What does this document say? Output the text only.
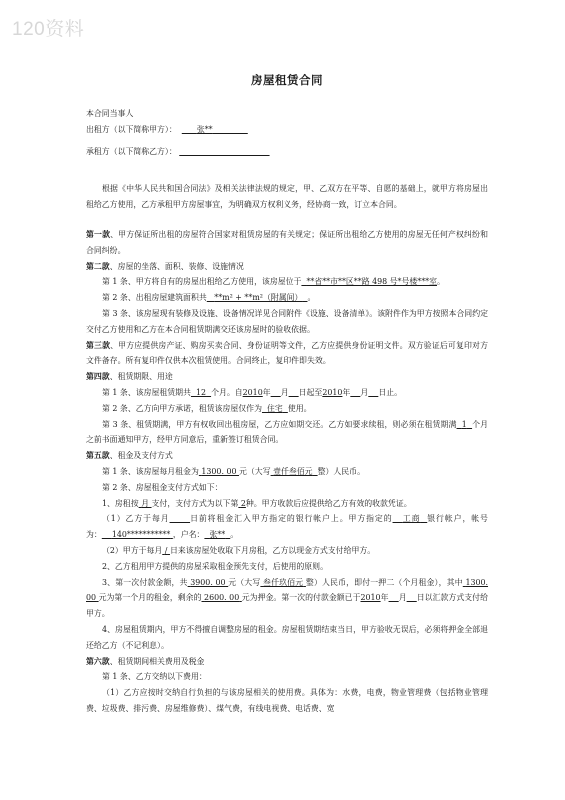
120资料
房屋租赁合同

本合同当事人

出租方（以下简称甲方）：	张**

承租方（以下简称乙方）：

根据《中华人民共和国合同法》及相关法律法规的规定，甲、乙双方在平等、自愿的基础上，就甲方将房屋出租给乙方使用，乙方承租甲方房屋事宜，为明确双方权利义务，经协商一致，订立本合同。

第一款、甲方保证所出租的房屋符合国家对租赁房屋的有关规定；保证所出租给乙方使用的房屋无任何产权纠纷和合同纠纷。

第二款、房屋的坐落、面积、装修、设施情况

第 1 条、甲方将自有的房屋出租给乙方使用，该房屋位于 **省**市**区**路 498 号*号楼***室。

第 2 条、出租房屋建筑面积共 **m² + **m²（附属间） 。

第 3 条、该房屋现有装修及设施、设备情况详见合同附件《设施、设备清单》。该附件作为甲方按照本合同约定交付乙方使用和乙方在本合同租赁期满交还该房屋时的验收依据。

第三款、甲方应提供房产证、购房买卖合同、身份证明等文件，乙方应提供身份证明文件。双方验证后可复印对方文件备存。所有复印件仅供本次租赁使用。合同终止，复印件即失效。

第四款、租赁期限、用途

第 1 条、该房屋租赁期共 12 个月。自2010年 月 日起至2010年 月 日止。

第 2 条、乙方向甲方承诺，租赁该房屋仅作为 住宅 使用。

第 3 条、租赁期满，甲方有权收回出租房屋，乙方应如期交还。乙方如要求续租，则必须在租赁期满 1 个月之前书面通知甲方，经甲方同意后，重新签订租赁合同。

第五款、租金及支付方式

第 1 条、该房屋每月租金为 1300. 00 元（大写 壹仟叁佰元 整）人民币。

第 2 条、房屋租金支付方式如下：

1、房租按 月 支付，支付方式为以下第 2种。甲方收款后应提供给乙方有效的收款凭证。

（1）乙方于每月	日前将租金汇入甲方指定的银行帐户上。甲方指定的 工商 银行帐户，帐号为： 140*********** ，户名： 张** 。

（2）甲方于每月 / 日来该房屋处收取下月房租，乙方以现金方式支付给甲方。

2、乙方租用甲方提供的房屋采取租金预先支付，后使用的原则。

3、第一次付款金额，共 3900. 00 元（大写 叁仟玖佰元 整）人民币，即付一押二（个月租金），其中 1300. 00 元为第一个月的租金，剩余的 2600. 00 元为押金。第一次的付款金额已于2010年 月 日以汇款方式支付给甲方。

4、房屋租赁期内，甲方不得擅自调整房屋的租金。房屋租赁期结束当日，甲方验收无误后，必须将押金全部退还给乙方（不记利息）。

第六款、租赁期间相关费用及税金

第 1 条、乙方交纳以下费用：

（1）乙方应按时交纳自行负担的与该房屋相关的使用费。具体为：水费，电费，物业管理费（包括物业管理费、垃圾费、排污费、房屋维修费）、煤气费，有线电视费、电话费、宽
